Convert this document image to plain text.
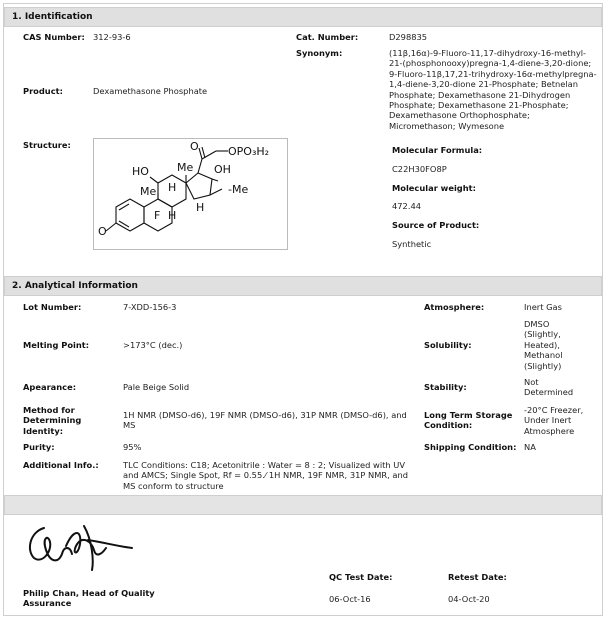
1. Identification
CAS Number: 312-93-6	Cat. Number:	D298835
Synonym:	(11β,16α)-9-Fluoro-11,17-dihydroxy-16-methyl-21-(phosphonooxy)pregna-1,4-diene-3,20-dione; 9-Fluoro-11β,17,21-trihydroxy-16α-methylpregna-1,4-diene-3,20-dione 21-Phosphate; Betnelan Phosphate; Dexamethasone 21-Dihydrogen Phosphate; Dexamethasone 21-Phosphate; Dexamethasone Orthophosphate; Micromethason; Wymesone
Product:	Dexamethasone Phosphate
Structure:
O
HO
Me
Me
H
H
H
F
O
OH
-Me
OPO₃H₂	Molecular Formula:
C22H30FO8P
Molecular weight:
472.44
Source of Product:
Synthetic
2. Analytical Information
Lot Number:	7-XDD-156-3	Atmosphere:	Inert Gas
Melting Point:	>173°C (dec.)	Solubility:
DMSO (Slightly, Heated), Methanol (Slightly)
Apearance:	Pale Beige Solid	Stability:	Not Determined
Method for Determining Identity:
1H NMR (DMSO-d6), 19F NMR (DMSO-d6), 31P NMR (DMSO-d6), and MS
Long Term Storage Condition:
-20°C Freezer, Under Inert Atmosphere
Purity:	95%	Shipping Condition: NA
Additional Info.:	TLC Conditions: C18; Acetonitrile : Water = 8 : 2; Visualized with UV and AMCS; Single Spot, Rf = 0.55.⁄ 1H NMR, 19F NMR, 31P NMR, and MS conform to structure
Philip Chan, Head of Quality Assurance
QC Test Date:
06-Oct-16
Retest Date:
04-Oct-20
